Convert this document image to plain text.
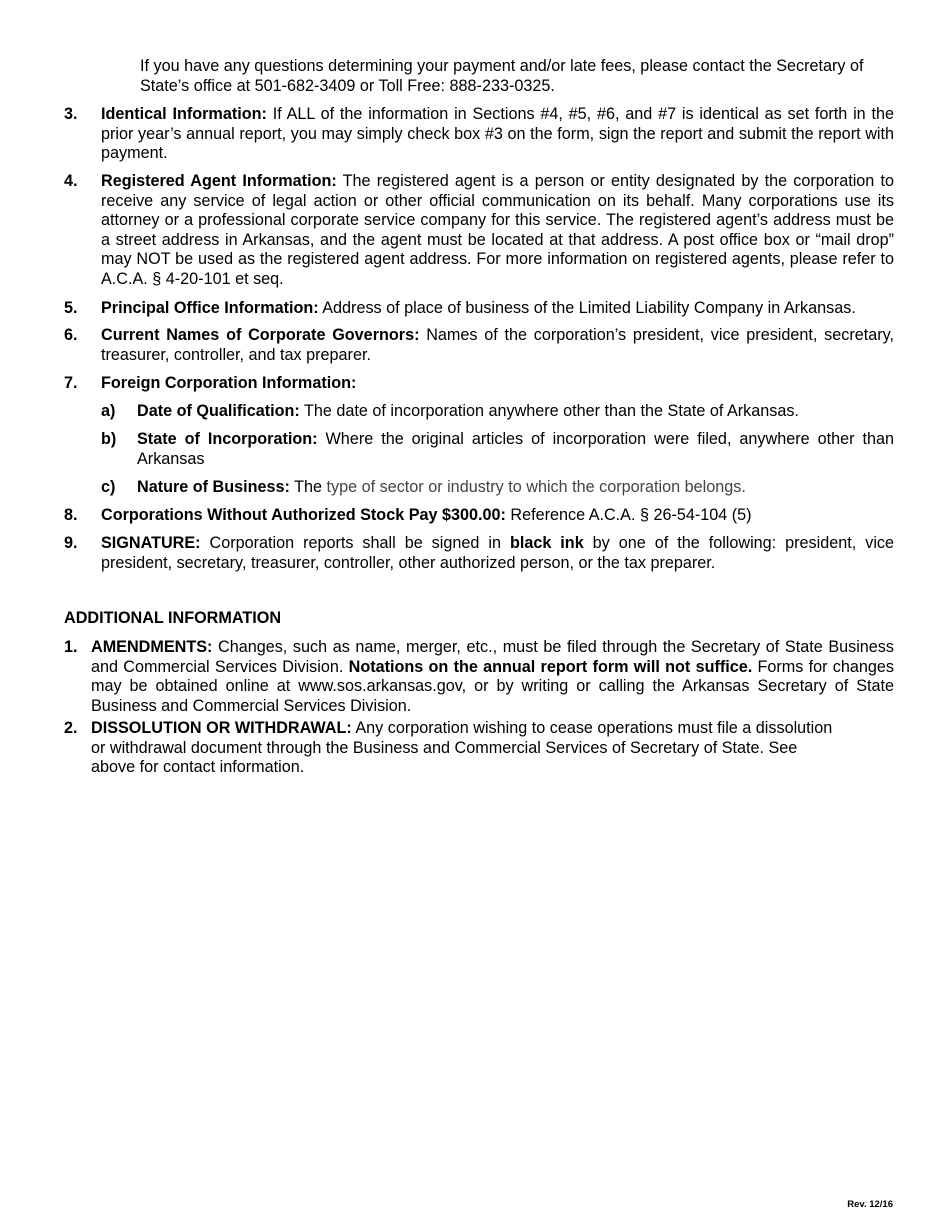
If you have any questions determining your payment and/or late fees, please contact the Secretary of State’s office at 501-682-3409 or Toll Free: 888-233-0325.
3. Identical Information: If ALL of the information in Sections #4, #5, #6, and #7 is identical as set forth in the prior year’s annual report, you may simply check box #3 on the form, sign the report and submit the report with payment.
4. Registered Agent Information: The registered agent is a person or entity designated by the corporation to receive any service of legal action or other official communication on its behalf. Many corporations use its attorney or a professional corporate service company for this service. The registered agent’s address must be a street address in Arkansas, and the agent must be located at that address. A post office box or “mail drop” may NOT be used as the registered agent address. For more information on registered agents, please refer to A.C.A. § 4-20-101 et seq.
5. Principal Office Information: Address of place of business of the Limited Liability Company in Arkansas.
6. Current Names of Corporate Governors: Names of the corporation’s president, vice president, secretary, treasurer, controller, and tax preparer.
7. Foreign Corporation Information:
a) Date of Qualification: The date of incorporation anywhere other than the State of Arkansas.
b) State of Incorporation: Where the original articles of incorporation were filed, anywhere other than Arkansas
c) Nature of Business: The type of sector or industry to which the corporation belongs.
8. Corporations Without Authorized Stock Pay $300.00: Reference A.C.A. § 26-54-104 (5)
9. SIGNATURE: Corporation reports shall be signed in black ink by one of the following: president, vice president, secretary, treasurer, controller, other authorized person, or the tax preparer.
ADDITIONAL INFORMATION
1. AMENDMENTS: Changes, such as name, merger, etc., must be filed through the Secretary of State Business and Commercial Services Division. Notations on the annual report form will not suffice. Forms for changes may be obtained online at www.sos.arkansas.gov, or by writing or calling the Arkansas Secretary of State Business and Commercial Services Division.
2. DISSOLUTION OR WITHDRAWAL: Any corporation wishing to cease operations must file a dissolution
or withdrawal document through the Business and Commercial Services of Secretary of State. See
above for contact information.
Rev. 12/16
